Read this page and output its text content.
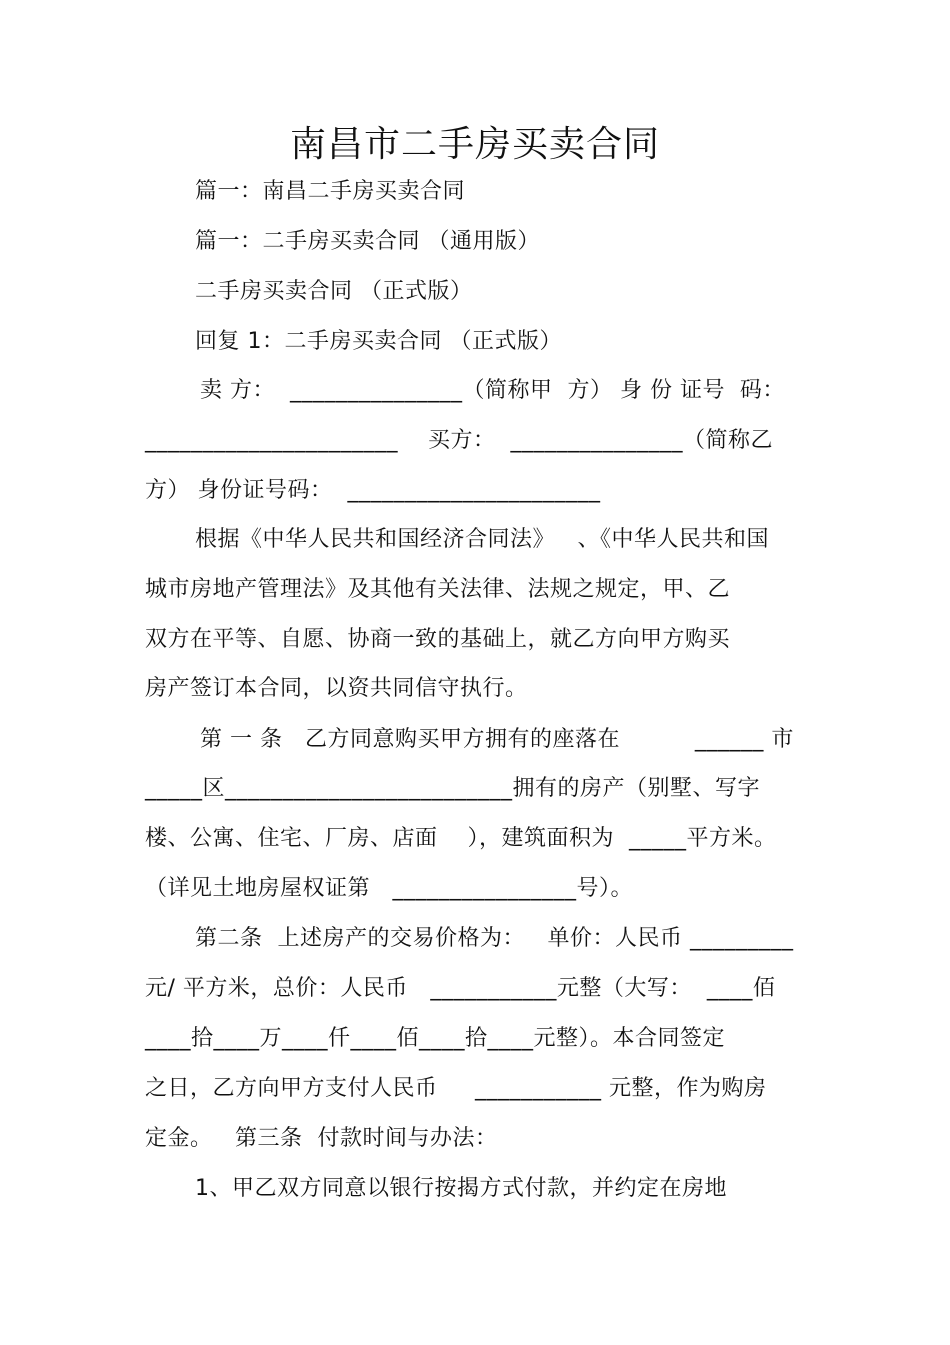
南昌市二手房买卖合同
篇一：南昌二手房买卖合同
篇一：二手房买卖合同 （通用版）
二手房买卖合同 （正式版）
回复 1：二手房买卖合同 （正式版）
卖 方：  _______________（简称甲  方） 身 份 证号  码：
______________________    买方：  _______________（简称乙
方） 身份证号码：  ______________________
根据《中华人民共和国经济合同法》   、《中华人民共和国
城市房地产管理法》及其他有关法律、法规之规定，甲、乙
双方在平等、自愿、协商一致的基础上，就乙方向甲方购买
房产签订本合同，以资共同信守执行。
第 一 条   乙方同意购买甲方拥有的座落在          ______ 市
_____区_________________________拥有的房产（别墅、写字
楼、公寓、住宅、厂房、店面    ），建筑面积为  _____平方米。
（详见土地房屋权证第   ________________号）。
第二条  上述房产的交易价格为：   单价：人民币 _________
元/ 平方米，总价：人民币   ___________元整（大写：  ____佰
____拾____万____仟____佰____拾____元整）。本合同签定
之日，乙方向甲方支付人民币     ___________ 元整，作为购房
定金。   第三条  付款时间与办法：
1、甲乙双方同意以银行按揭方式付款，并约定在房地
